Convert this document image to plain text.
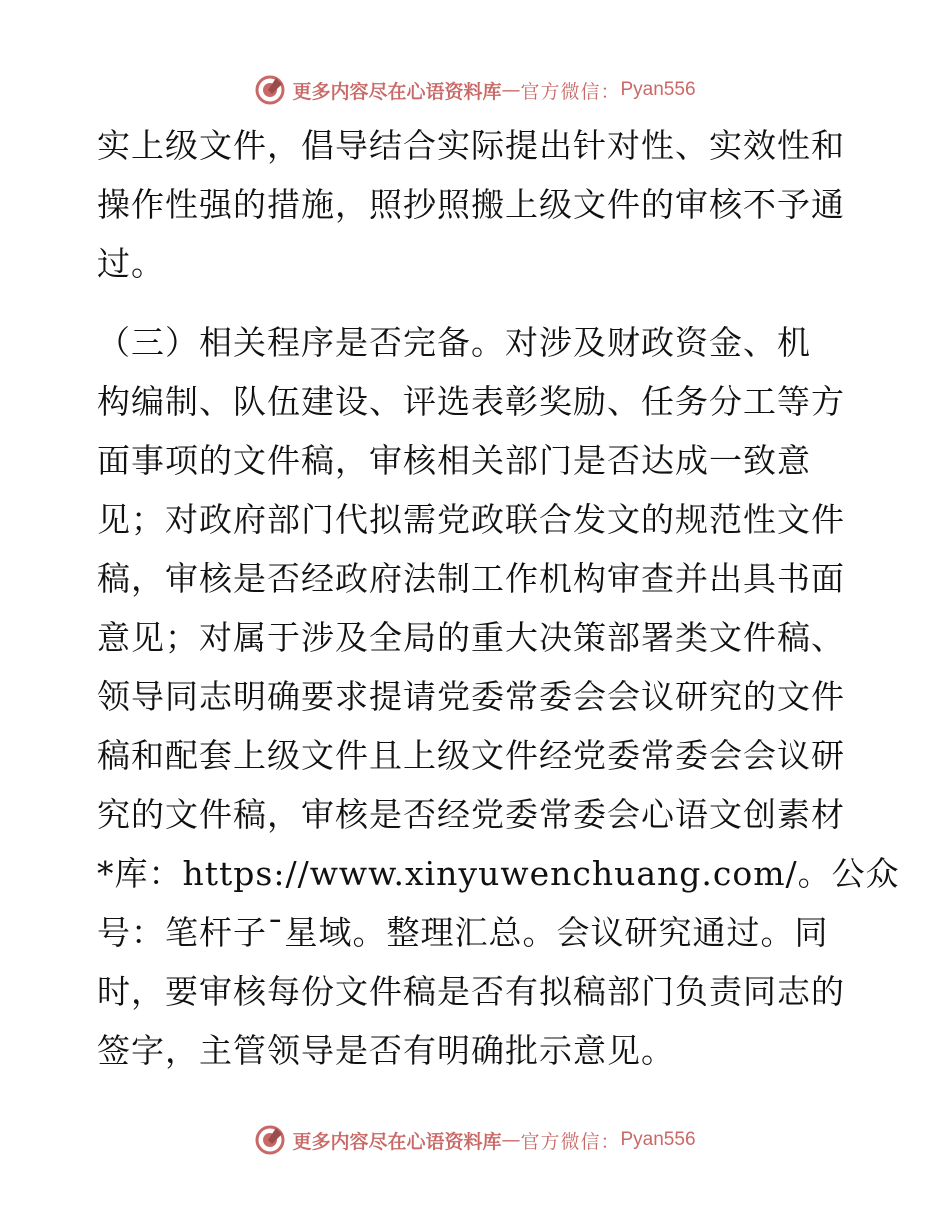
更多内容尽在心语资料库 — 官方微信： Pyan556
实上级文件，倡导结合实际提出针对性、实效性和
操作性强的措施，照抄照搬上级文件的审核不予通
过。
（三）相关程序是否完备。对涉及财政资金、机
构编制、队伍建设、评选表彰奖励、任务分工等方
面事项的文件稿，审核相关部门是否达成一致意
见；对政府部门代拟需党政联合发文的规范性文件
稿，审核是否经政府法制工作机构审查并出具书面
意见；对属于涉及全局的重大决策部署类文件稿、
领导同志明确要求提请党委常委会会议研究的文件
稿和配套上级文件且上级文件经党委常委会会议研
究的文件稿，审核是否经党委常委会心语文创素材
*库：https://www.xinyuwenchuang.com/。公众
号：笔杆子¯星域。整理汇总。会议研究通过。同
时，要审核每份文件稿是否有拟稿部门负责同志的
签字，主管领导是否有明确批示意见。
更多内容尽在心语资料库 — 官方微信： Pyan556
